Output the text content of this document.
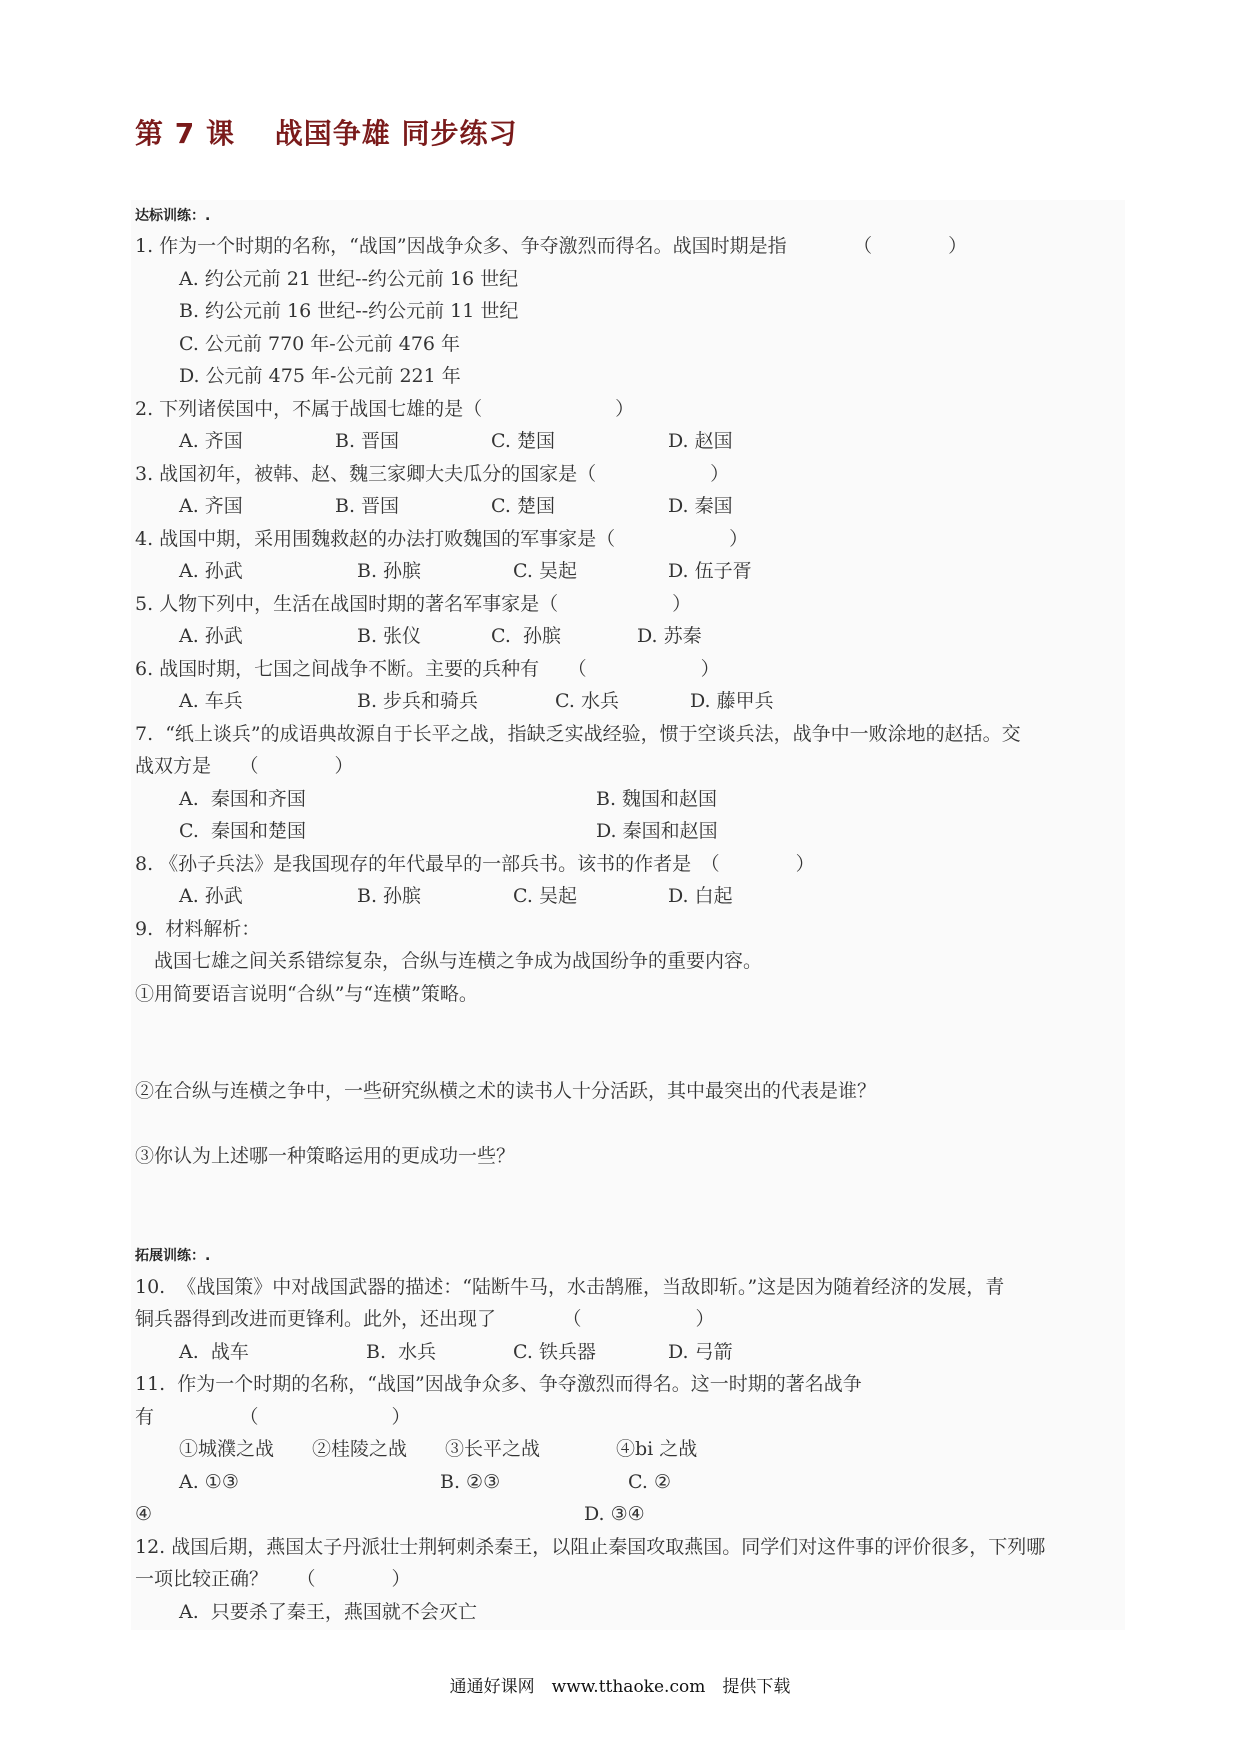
第 7 课　 战国争雄 同步练习
达标训练：.
1. 作为一个时期的名称，“战国”因战争众多、争夺激烈而得名。战国时期是指　　　　（　　　　）
A. 约公元前 21 世纪--约公元前 16 世纪
B. 约公元前 16 世纪--约公元前 11 世纪
C. 公元前 770 年-公元前 476 年
D. 公元前 475 年-公元前 221 年
2. 下列诸侯国中，不属于战国七雄的是（　　　　　　　）
A. 齐国	B. 晋国	C. 楚国	D. 赵国
3. 战国初年，被韩、赵、魏三家卿大夫瓜分的国家是（　　　　　　）
A. 齐国	B. 晋国	C. 楚国	D. 秦国
4. 战国中期，采用围魏救赵的办法打败魏国的军事家是（　　　　　　）
A. 孙武	B. 孙膑	C. 吴起	D. 伍子胥
5. 人物下列中，生活在战国时期的著名军事家是（　　　　　　）
A. 孙武	B. 张仪	C.  孙膑	D. 苏秦
6. 战国时期，七国之间战争不断。主要的兵种有　　（　　　　　　）
A. 车兵	B. 步兵和骑兵	C. 水兵	D. 藤甲兵
7.  “纸上谈兵”的成语典故源自于长平之战，指缺乏实战经验，惯于空谈兵法，战争中一败涂地的赵括。交
战双方是　　（　　　　）
A.  秦国和齐国	B. 魏国和赵国
C.  秦国和楚国	D. 秦国和赵国
8. 《孙子兵法》是我国现存的年代最早的一部兵书。该书的作者是　（　　　　）
A. 孙武	B. 孙膑	C. 吴起	D. 白起
9.  材料解析：
　战国七雄之间关系错综复杂，合纵与连横之争成为战国纷争的重要内容。
①用简要语言说明“合纵”与“连横”策略。
②在合纵与连横之争中，一些研究纵横之术的读书人十分活跃，其中最突出的代表是谁？
③你认为上述哪一种策略运用的更成功一些？
拓展训练：.
10.  《战国策》中对战国武器的描述：“陆断牛马，水击鹄雁，当敌即斩。”这是因为随着经济的发展，青
铜兵器得到改进而更锋利。此外，还出现了　　　　（　　　　　　）
A.  战车	B.  水兵	C. 铁兵器	D. 弓箭
11.  作为一个时期的名称，“战国”因战争众多、争夺激烈而得名。这一时期的著名战争
有　　　　　（　　　　　　　）
①城濮之战　　②桂陵之战　　③长平之战　　　　④bi 之战
A. ①③	B. ②③	C. ②
④	D. ③④
12. 战国后期，燕国太子丹派壮士荆轲刺杀秦王，以阻止秦国攻取燕国。同学们对这件事的评价很多，下列哪
一项比较正确？　　（　　　　）
A.  只要杀了秦王，燕国就不会灭亡
通通好课网　www.tthaoke.com　提供下载
